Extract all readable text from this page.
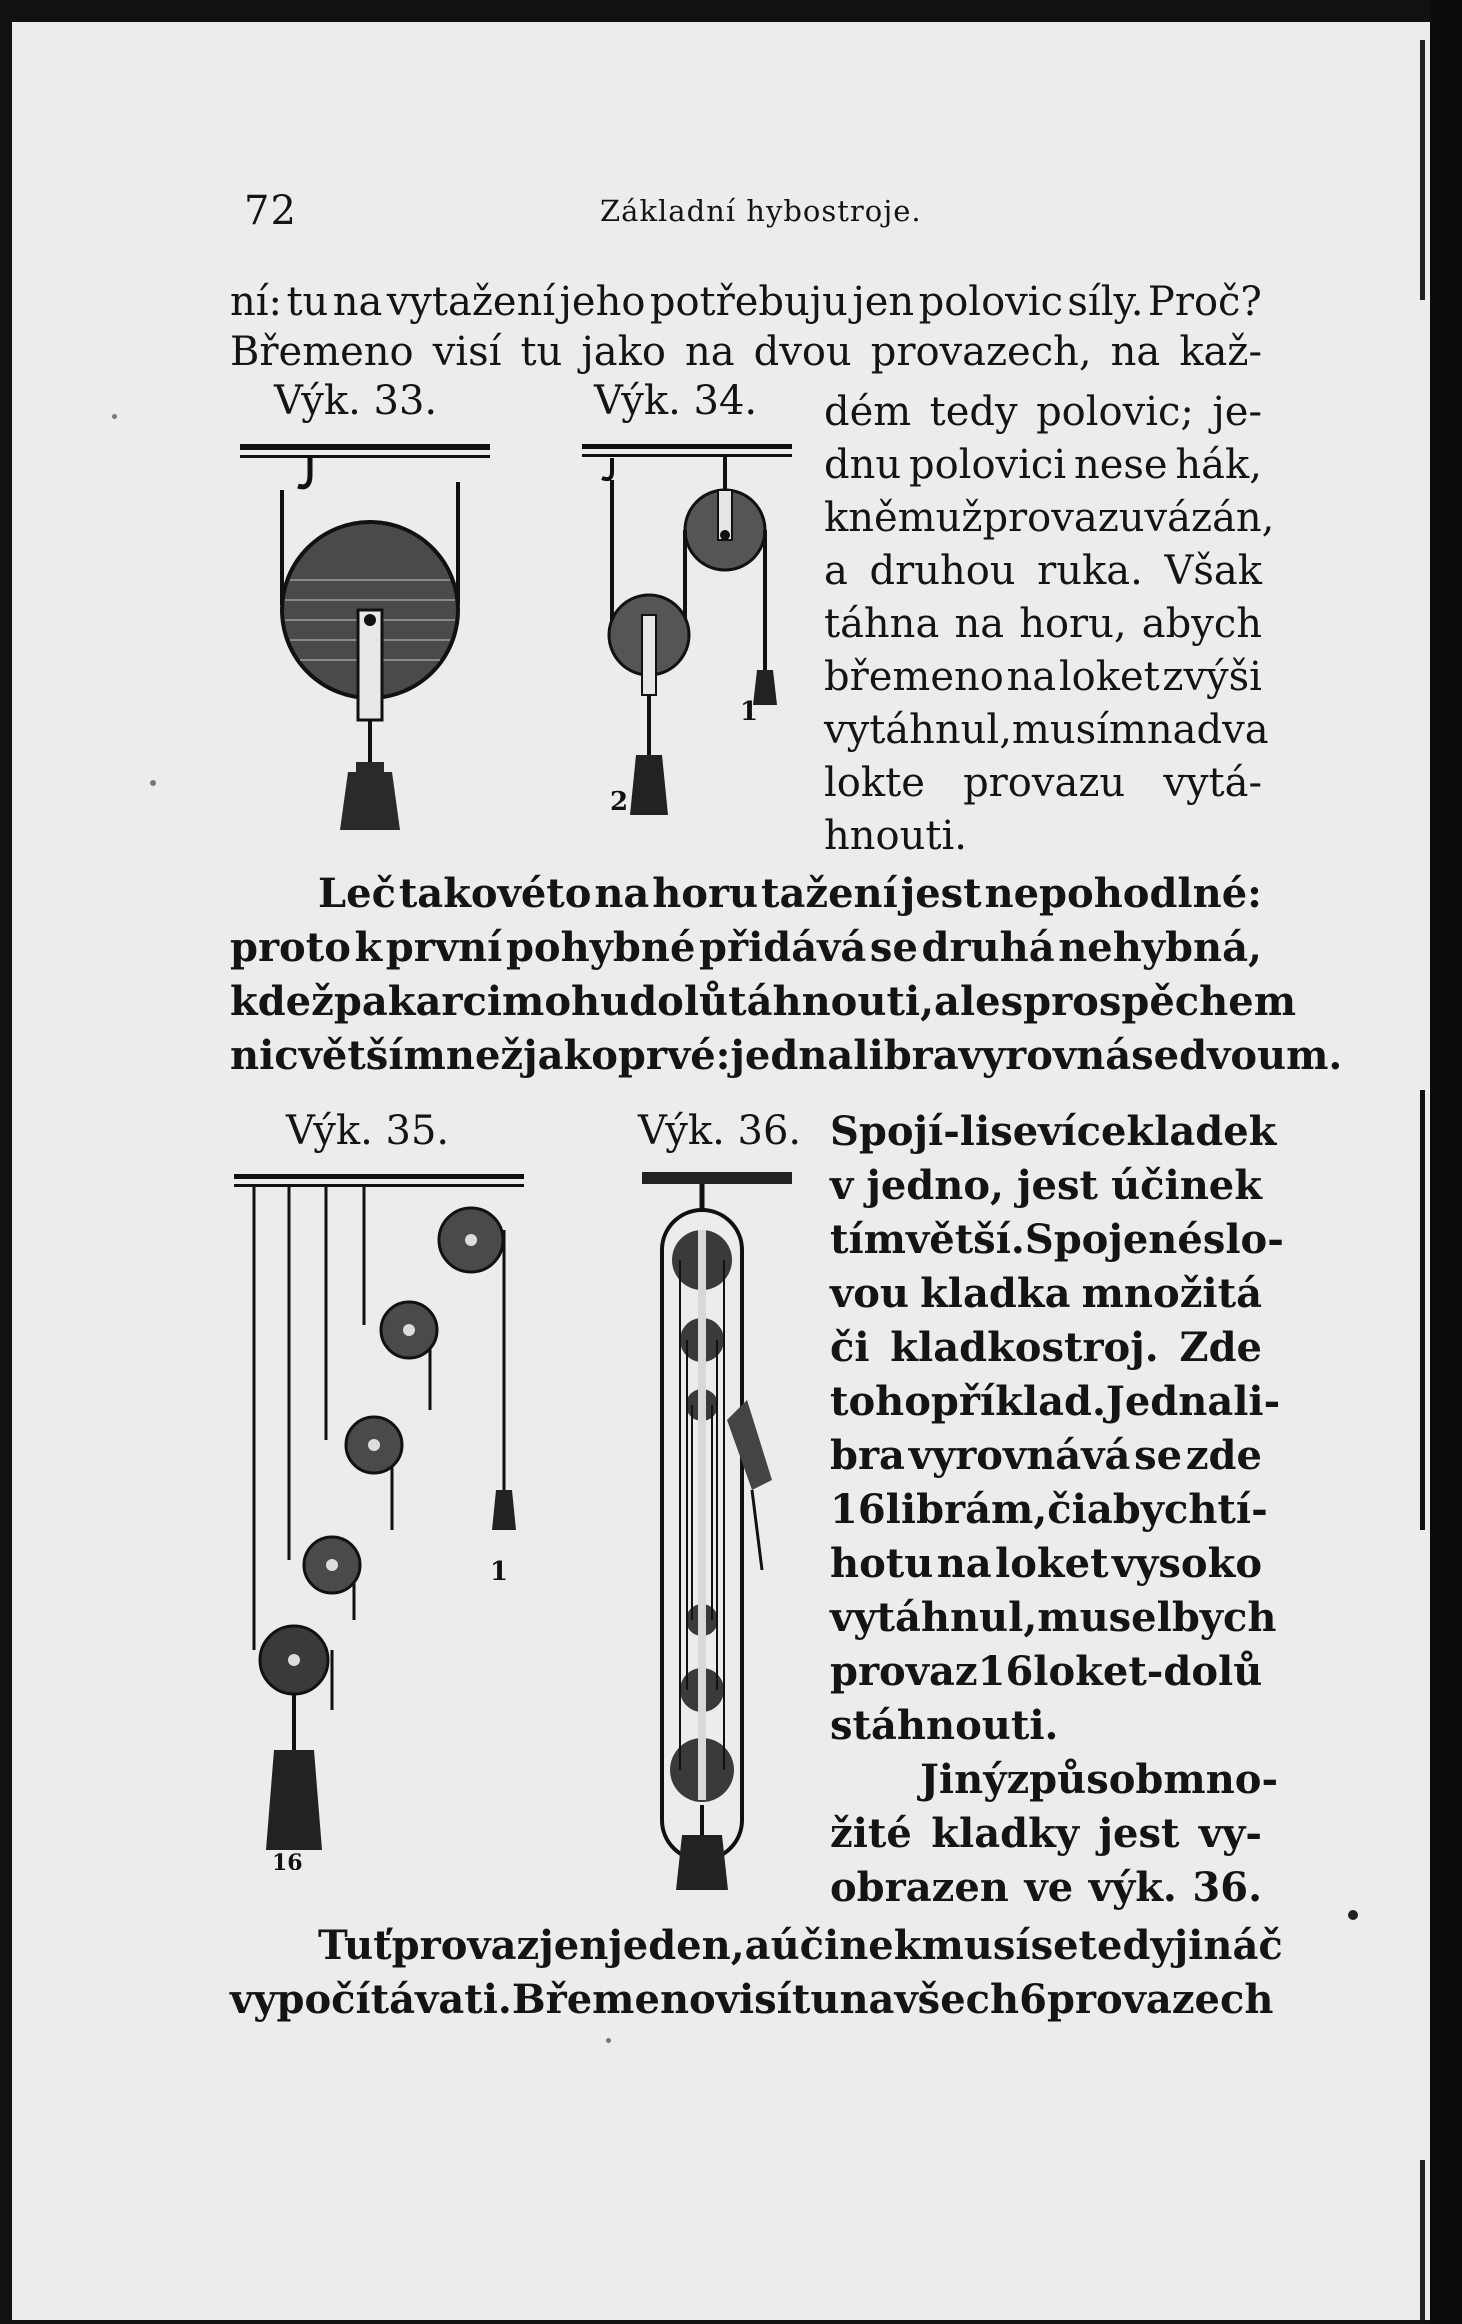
72	Základní hybostroje.
ní: tu na vytažení jeho potřebuju jen polovic síly. Proč?
Břemeno visí tu jako na dvou provazech, na kaž-
Výk. 33.	Výk. 34.
1
2
dém tedy polovic; je-
dnu polovici nese hák,
k němuž provaz uvázán,
a druhou ruka. Však
táhna na horu, abych
břemeno na loket zvýši
vytáhnul, musím na dva
lokte provazu vytá-
hnouti.
Leč takovéto na horu tažení jest nepohodlné:
proto k první pohybné přidává se druhá nehybná,
kdež pak arci mohu dolů táhnouti, ale s prospěchem
nic větším než jako prvé: jedna libra vyrovná se dvoum.
Výk. 35.
1
16
Výk. 36. Spojí-li se více kladek
v jedno, jest účinek
tím větší. Spojené slo-
vou kladka množitá
či kladkostroj. Zde
toho příklad. Jedna li-
bra vyrovnává se zde
16 librám, či abych tí-
hotu na loket vysoko
vytáhnul, musel bych
provaz 16 loket-dolů
stáhnouti.
Jiný způsob mno-
žité kladky jest vy-
obrazen ve výk. 36.
Tuť provaz jen jeden, a účinek musí se tedy jináč
vypočítávati. Břemeno visí tu na všech 6 provazech
